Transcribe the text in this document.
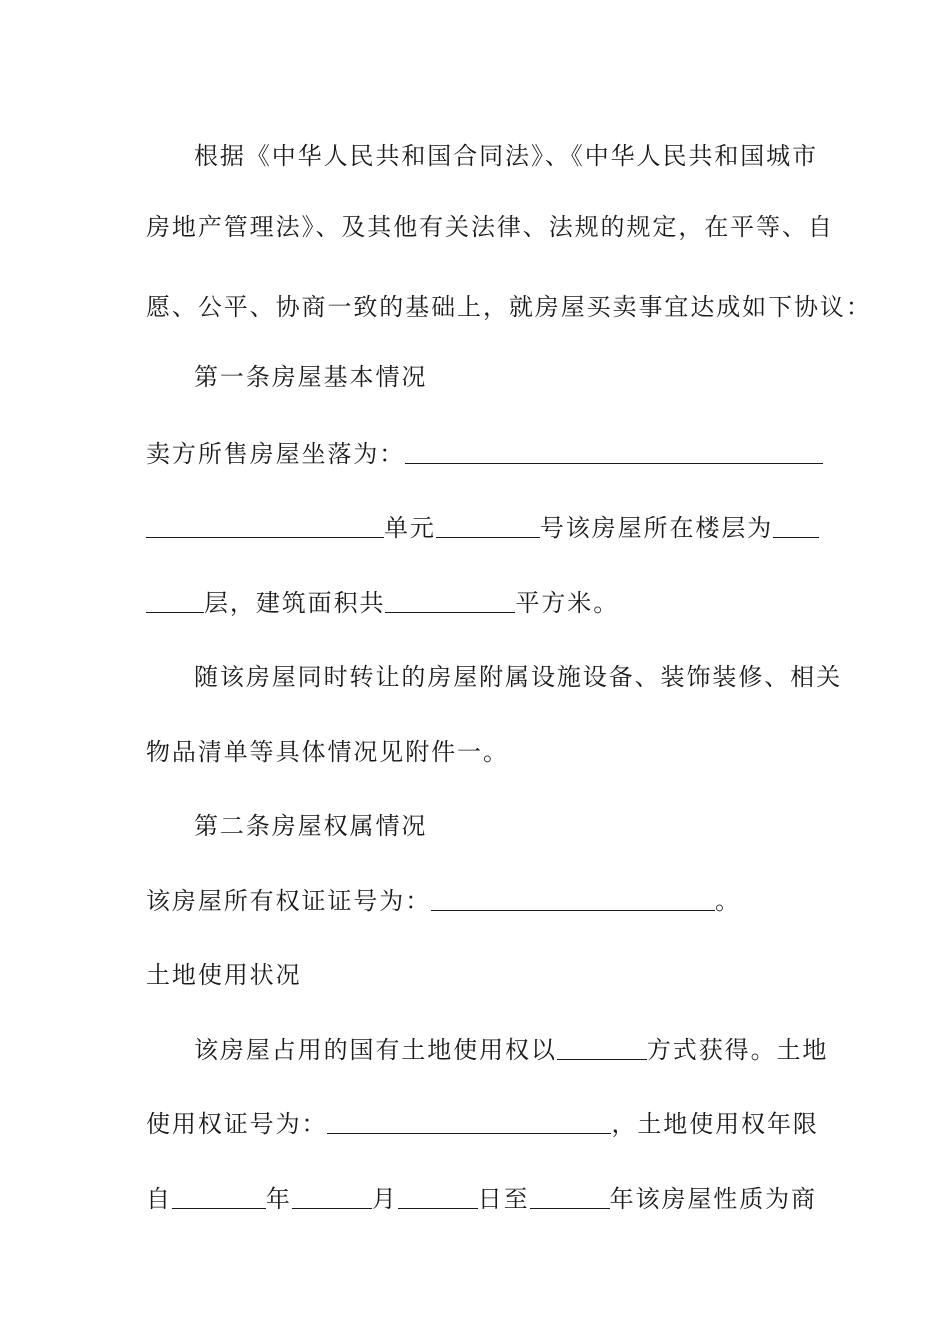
根据《中华人民共和国合同法》、《中华人民共和国城市
房地产管理法》、及其他有关法律、法规的规定，在平等、自
愿、公平、协商一致的基础上，就房屋买卖事宜达成如下协议：
第一条房屋基本情况
卖方所售房屋坐落为：
单元	号该房屋所在楼层为
层，建筑面积共	平方米。
随该房屋同时转让的房屋附属设施设备、装饰装修、相关
物品清单等具体情况见附件一。
第二条房屋权属情况
该房屋所有权证证号为：	。
土地使用状况
该房屋占用的国有土地使用权以	方式获得。土地
使用权证号为：	，土地使用权年限
自	年	月	日至	年该房屋性质为商
